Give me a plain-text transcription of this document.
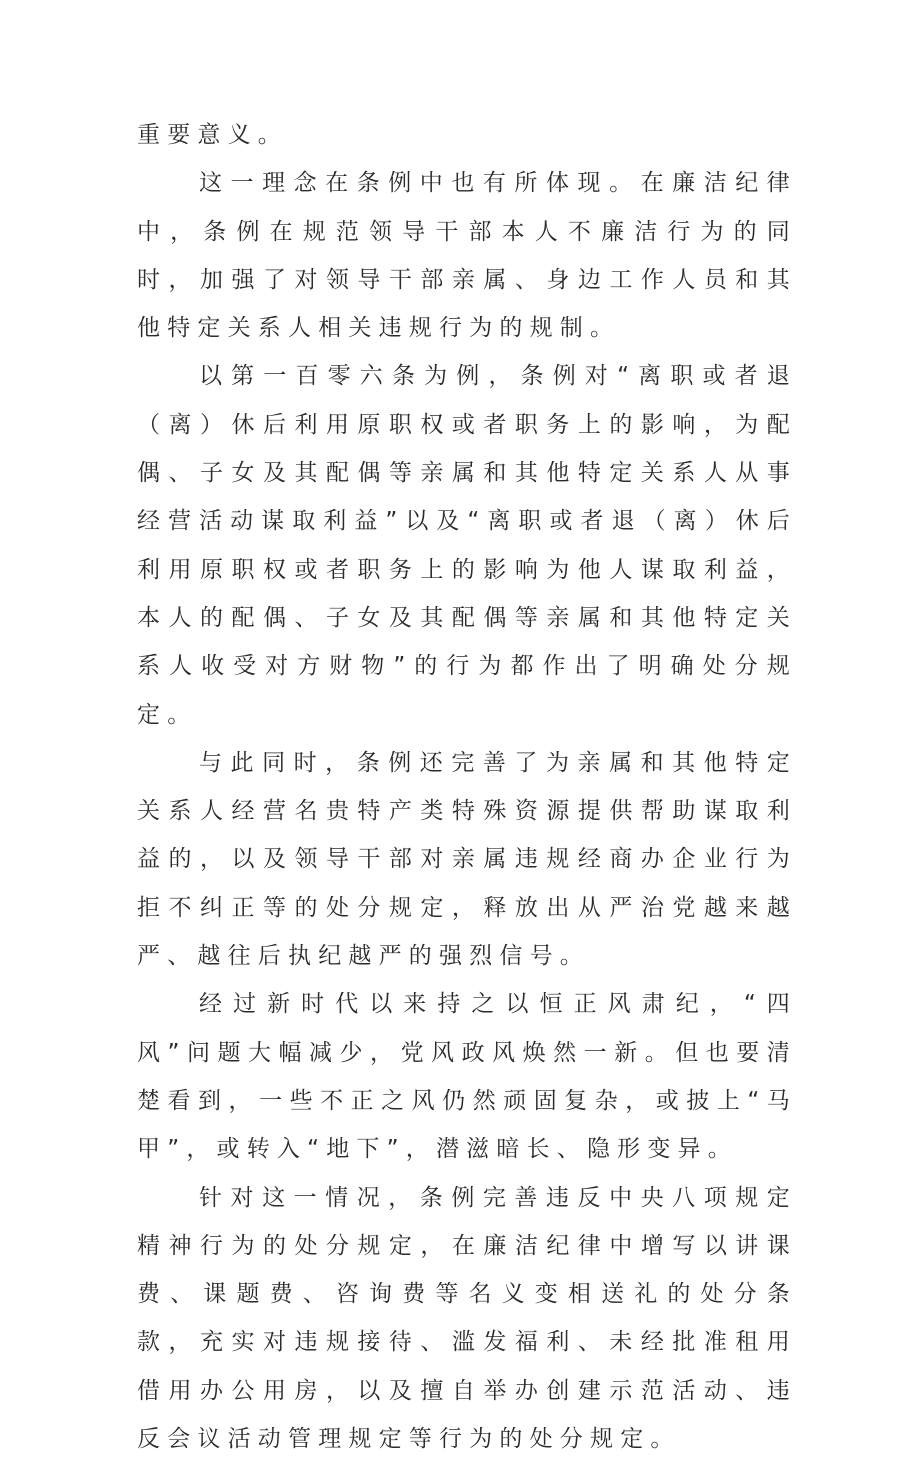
重要意义。

这一理念在条例中也有所体现。在廉洁纪律中，条例在规范领导干部本人不廉洁行为的同时，加强了对领导干部亲属、身边工作人员和其他特定关系人相关违规行为的规制。

以第一百零六条为例，条例对“离职或者退（离）休后利用原职权或者职务上的影响，为配偶、子女及其配偶等亲属和其他特定关系人从事经营活动谋取利益”以及“离职或者退（离）休后利用原职权或者职务上的影响为他人谋取利益，本人的配偶、子女及其配偶等亲属和其他特定关系人收受对方财物”的行为都作出了明确处分规定。

与此同时，条例还完善了为亲属和其他特定关系人经营名贵特产类特殊资源提供帮助谋取利益的，以及领导干部对亲属违规经商办企业行为拒不纠正等的处分规定，释放出从严治党越来越严、越往后执纪越严的强烈信号。

经过新时代以来持之以恒正风肃纪，“四风”问题大幅减少，党风政风焕然一新。但也要清楚看到，一些不正之风仍然顽固复杂，或披上“马甲”，或转入“地下”，潜滋暗长、隐形变异。

针对这一情况，条例完善违反中央八项规定精神行为的处分规定，在廉洁纪律中增写以讲课费、课题费、咨询费等名义变相送礼的处分条款，充实对违规接待、滥发福利、未经批准租用借用办公用房，以及擅自举办创建示范活动、违反会议活动管理规定等行为的处分规定。
